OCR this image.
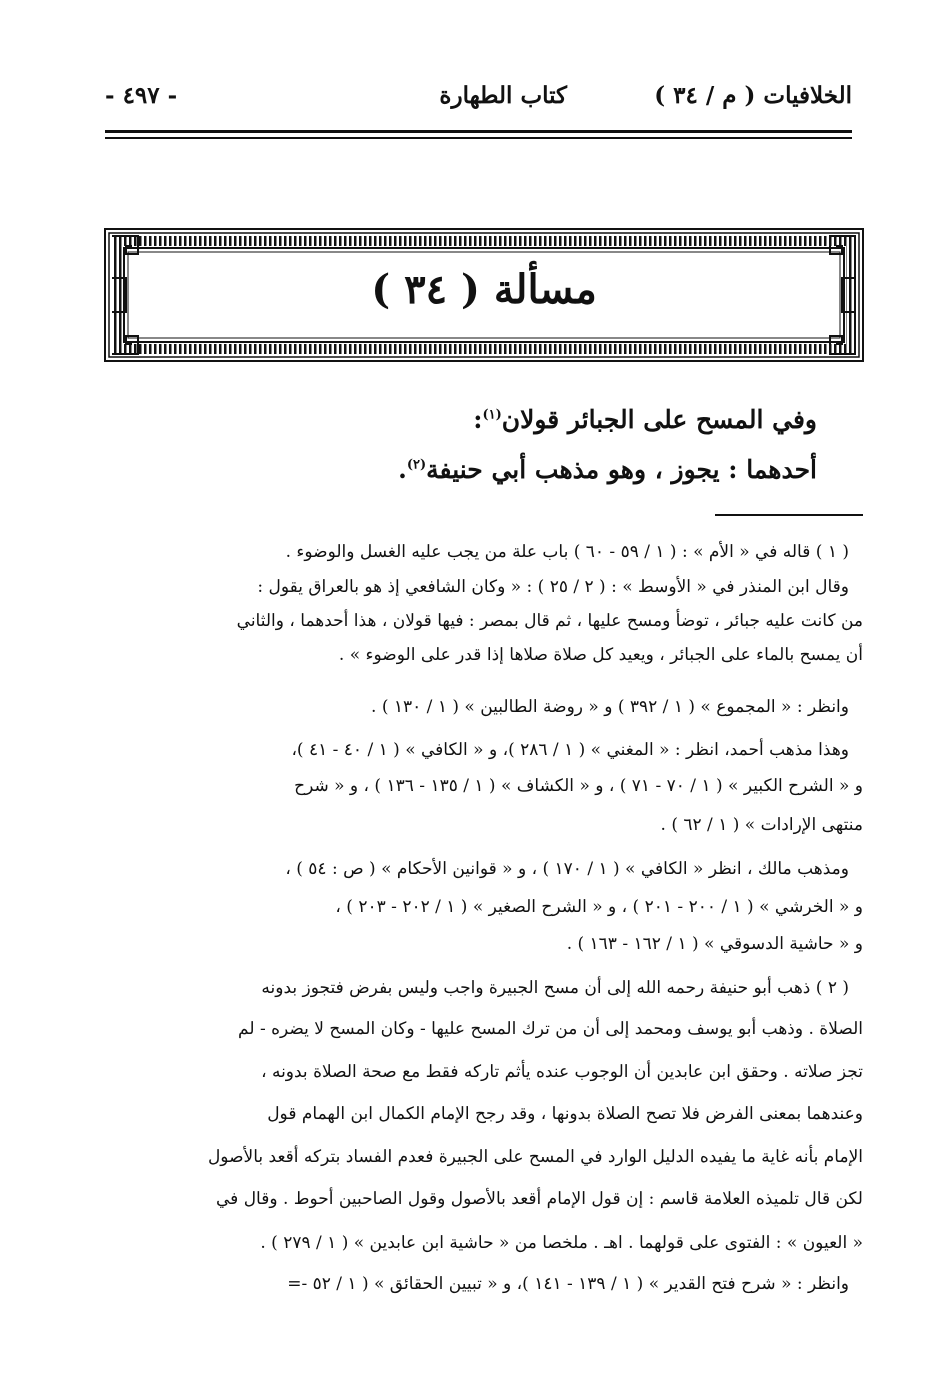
الخلافيات ( م / ٣٤ )
كتاب الطهارة
- ٤٩٧ -
مسألة ( ٣٤ )
وفي المسح على الجبائر قولان$^{(١)}$:
أحدهما : يجوز ، وهو مذهب أبي حنيفة$^{(٢)}$.
( ١ ) قاله في « الأم » : ( ١ / ٥٩ - ٦٠ ) باب علة من يجب عليه الغسل والوضوء .
وقال ابن المنذر في « الأوسط » : ( ٢ / ٢٥ ) : « وكان الشافعي إذ هو بالعراق يقول :
من كانت عليه جبائر ، توضأ ومسح عليها ، ثم قال بمصر : فيها قولان ، هذا أحدهما ، والثاني
أن يمسح بالماء على الجبائر ، ويعيد كل صلاة صلاها إذا قدر على الوضوء » .
وانظر : « المجموع » ( ١ / ٣٩٢ ) و « روضة الطالبين » ( ١ / ١٣٠ ) .
وهذا مذهب أحمد، انظر : « المغني » ( ١ / ٢٨٦ )، و « الكافي » ( ١ / ٤٠ - ٤١ )،
و « الشرح الكبير » ( ١ / ٧٠ - ٧١ ) ، و « الكشاف » ( ١ / ١٣٥ - ١٣٦ ) ، و « شرح
منتهى الإرادات » ( ١ / ٦٢ ) .
ومذهب مالك ، انظر « الكافي » ( ١ / ١٧٠ ) ، و « قوانين الأحكام » ( ص : ٥٤ ) ،
و « الخرشي » ( ١ / ٢٠٠ - ٢٠١ ) ، و « الشرح الصغير » ( ١ / ٢٠٢ - ٢٠٣ ) ،
و « حاشية الدسوقي » ( ١ / ١٦٢ - ١٦٣ ) .
( ٢ ) ذهب أبو حنيفة رحمه الله إلى أن مسح الجبيرة واجب وليس بفرض فتجوز بدونه
الصلاة . وذهب أبو يوسف ومحمد إلى أن من ترك المسح عليها - وكان المسح لا يضره - لم
تجز صلاته . وحقق ابن عابدين أن الوجوب عنده يأثم تاركه فقط مع صحة الصلاة بدونه ،
وعندهما بمعنى الفرض فلا تصح الصلاة بدونها ، وقد رجح الإمام الكمال ابن الهمام قول
الإمام بأنه غاية ما يفيده الدليل الوارد في المسح على الجبيرة فعدم الفساد بتركه أقعد بالأصول
لكن قال تلميذه العلامة قاسم : إن قول الإمام أقعد بالأصول وقول الصاحبين أحوط . وقال في
« العيون » : الفتوى على قولهما . اهـ . ملخصا من « حاشية ابن عابدين » ( ١ / ٢٧٩ ) .
وانظر : « شرح فتح القدير » ( ١ / ١٣٩ - ١٤١ )، و « تبيين الحقائق » ( ١ / ٥٢ -=
